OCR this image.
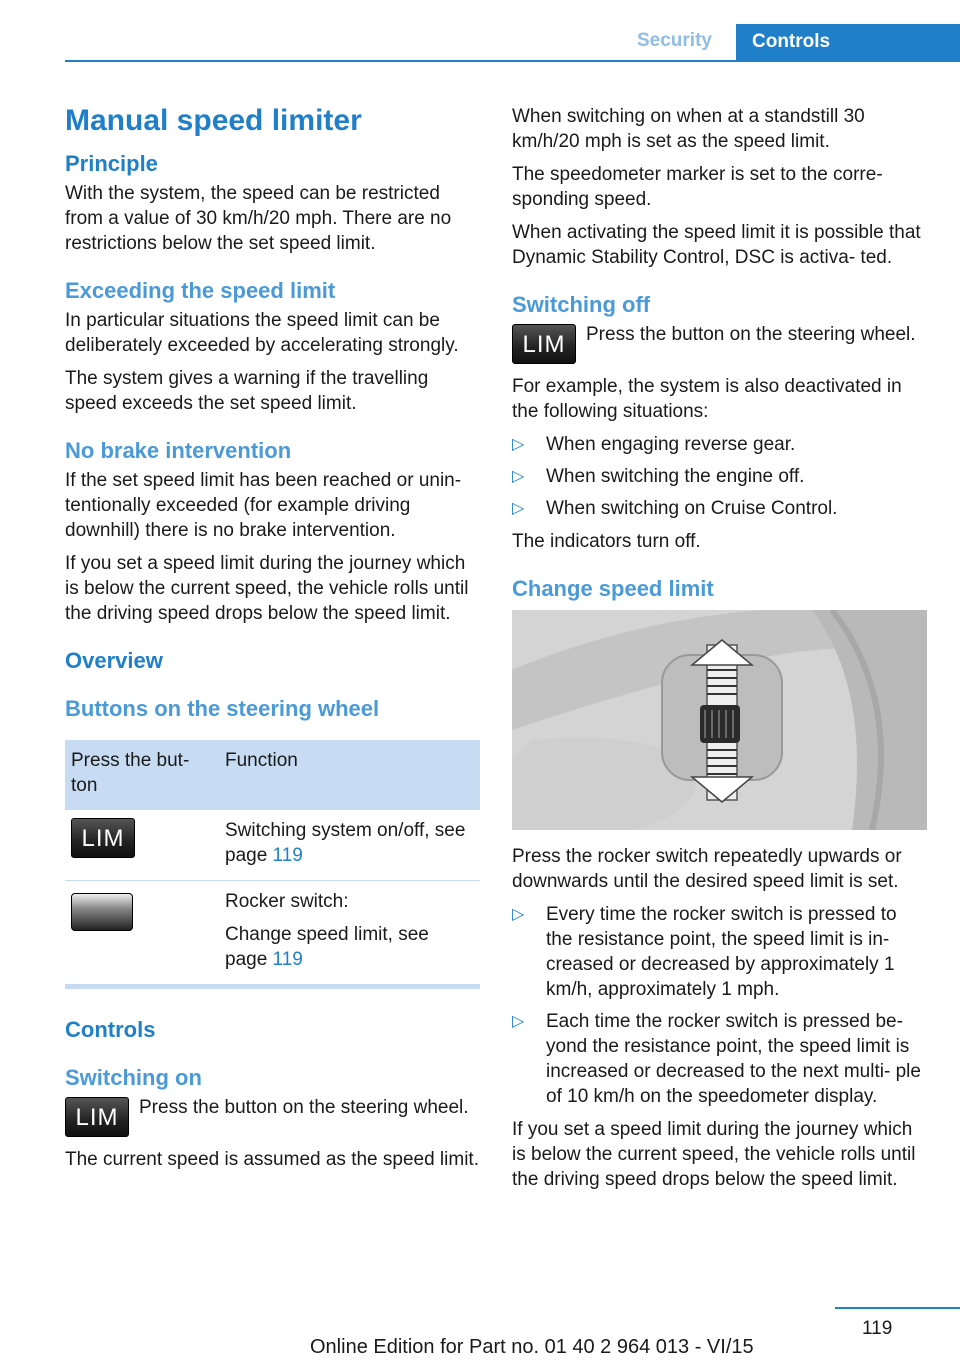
Security	Controls
Manual speed limiter
Principle

With the system, the speed can be restricted from a value of 30 km/h/20 mph. There are no restrictions below the set speed limit.

Exceeding the speed limit

In particular situations the speed limit can be deliberately exceeded by accelerating strongly.

The system gives a warning if the travelling speed exceeds the set speed limit.

No brake intervention

If the set speed limit has been reached or unin‐ tentionally exceeded (for example driving downhill) there is no brake intervention.

If you set a speed limit during the journey which is below the current speed, the vehicle rolls until the driving speed drops below the speed limit.

Overview
Buttons on the steering wheel
Press the but‐ ton	Function
LIM	Switching system on/off, see page 119

	Rocker switch:

Change speed limit, see page 119

Controls
Switching on
LIM	Press the button on the steering wheel.

The current speed is assumed as the speed limit.

When switching on when at a standstill 30 km/h/20 mph is set as the speed limit.

The speedometer marker is set to the corre‐ sponding speed.

When activating the speed limit it is possible that Dynamic Stability Control, DSC is activa‐ ted.

Switching off
LIM	Press the button on the steering wheel.

For example, the system is also deactivated in the following situations:

▷ When engaging reverse gear.
▷ When switching the engine off.
▷ When switching on Cruise Control.

The indicators turn off.

Change speed limit

Press the rocker switch repeatedly upwards or downwards until the desired speed limit is set.

▷ Every time the rocker switch is pressed to the resistance point, the speed limit is in‐ creased or decreased by approximately 1 km/h, approximately 1 mph.
▷ Each time the rocker switch is pressed be‐ yond the resistance point, the speed limit is increased or decreased to the next multi‐ ple of 10 km/h on the speedometer display.

If you set a speed limit during the journey which is below the current speed, the vehicle rolls until the driving speed drops below the speed limit.

119
Online Edition for Part no. 01 40 2 964 013 - VI/15
